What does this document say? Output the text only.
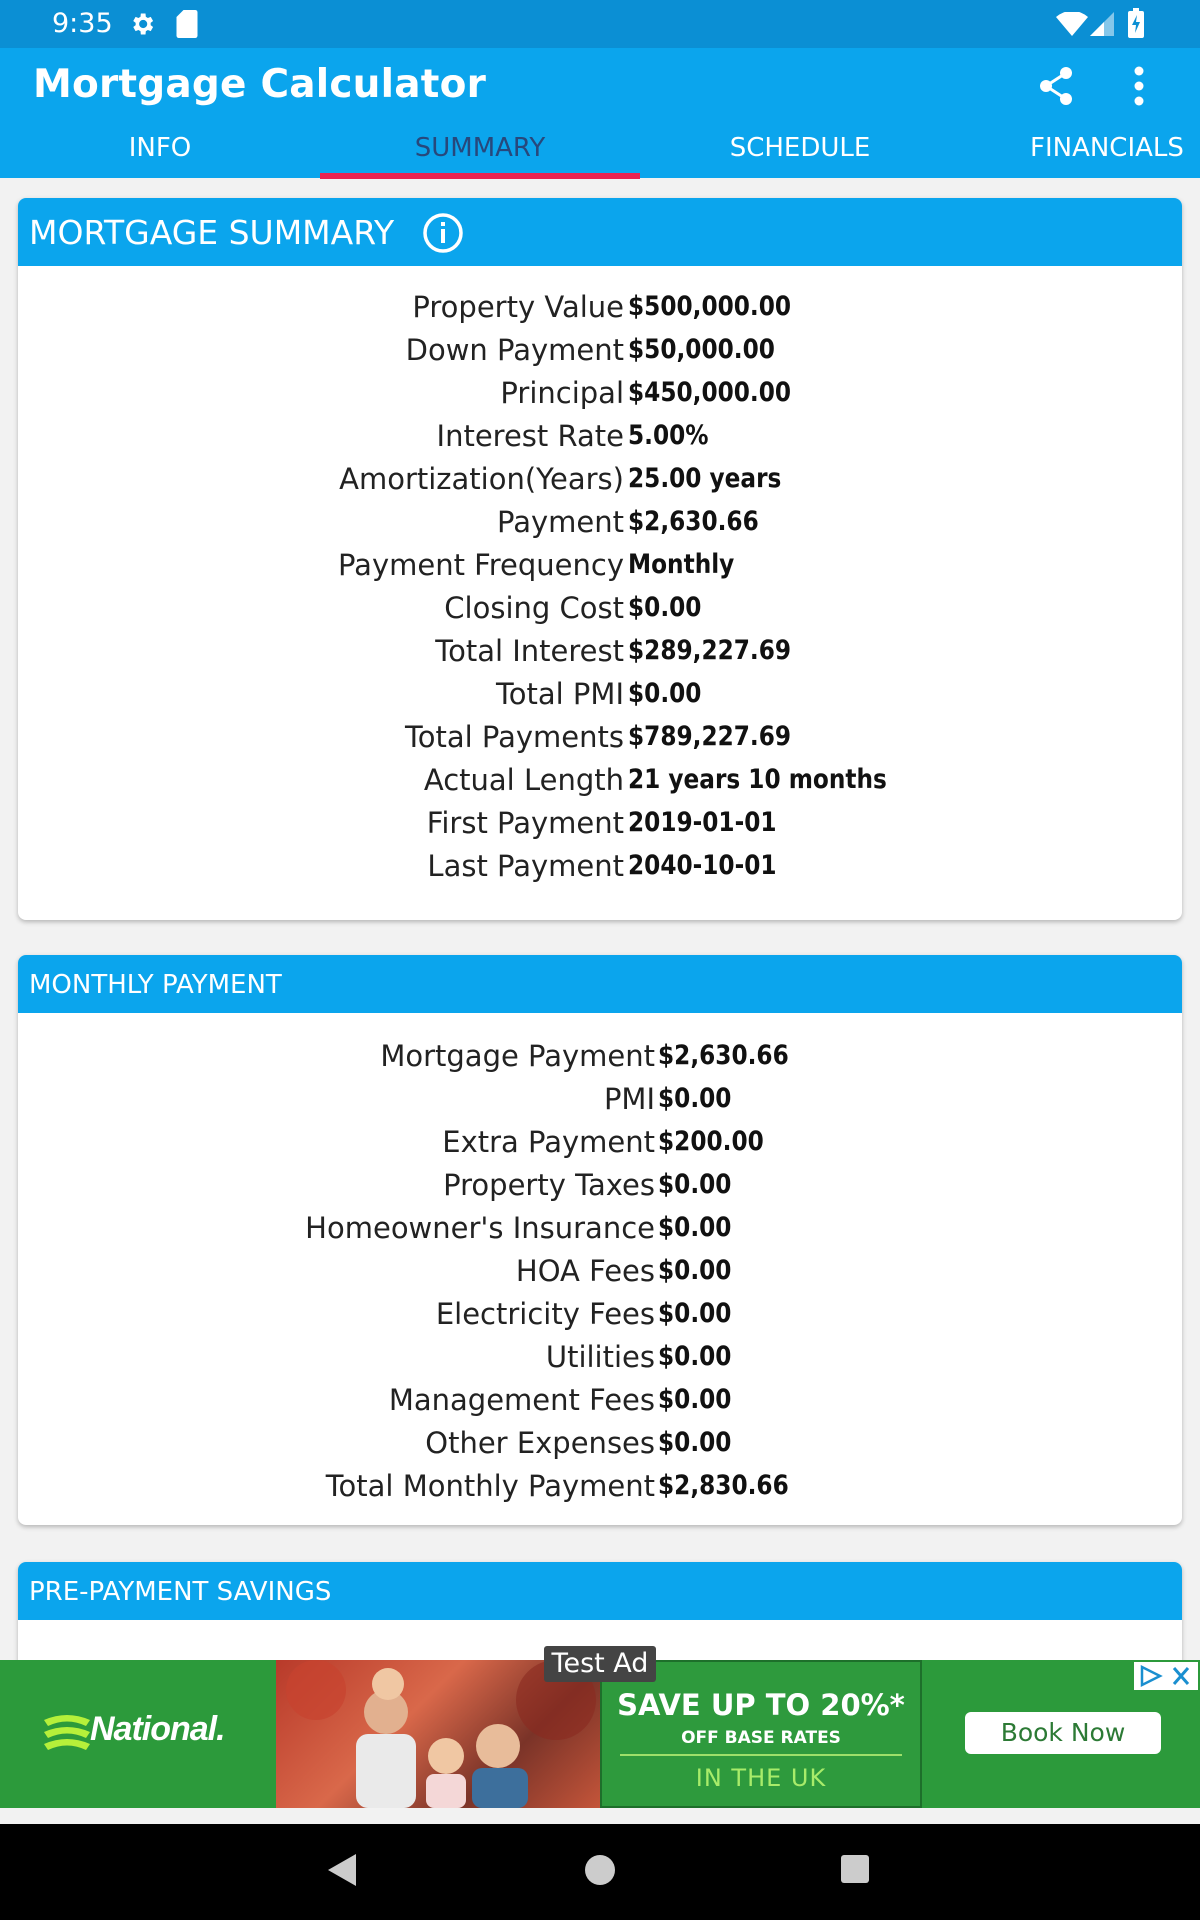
9:35
Mortgage Calculator
INFO	SUMMARY	SCHEDULE	FINANCIALS
MORTGAGE SUMMARY
Property Value $500,000.00
Down Payment $50,000.00
Principal $450,000.00
Interest Rate 5.00%
Amortization(Years) 25.00 years
Payment $2,630.66
Payment Frequency Monthly
Closing Cost $0.00
Total Interest $289,227.69
Total PMI $0.00
Total Payments $789,227.69
Actual Length 21 years 10 months
First Payment 2019-01-01
Last Payment 2040-10-01
MONTHLY PAYMENT
Mortgage Payment $2,630.66
PMI $0.00
Extra Payment $200.00
Property Taxes $0.00
Homeowner's Insurance $0.00
HOA Fees $0.00
Electricity Fees $0.00
Utilities $0.00
Management Fees $0.00
Other Expenses $0.00
Total Monthly Payment $2,830.66
PRE-PAYMENT SAVINGS
National.
SAVE UP TO 20%*
OFF BASE RATES
IN THE UK
Book Now
Test Ad
